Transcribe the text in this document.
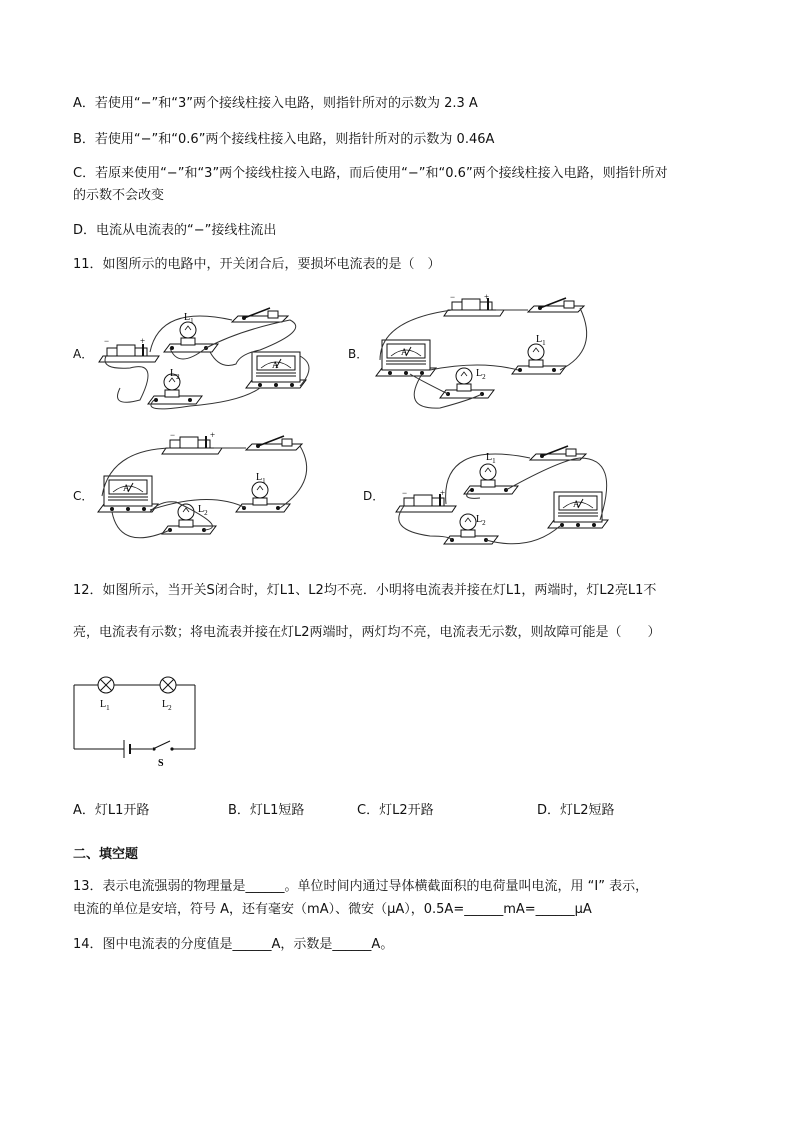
A．若使用“−”和“3”两个接线柱接入电路，则指针所对的示数为 2.3 A
B．若使用“−”和“0.6”两个接线柱接入电路，则指针所对的示数为 0.46A
C．若原来使用“−”和“3”两个接线柱接入电路，而后使用“−”和“0.6”两个接线柱接入电路，则指针所对
的示数不会改变
D．电流从电流表的“−”接线柱流出
11．如图所示的电路中，开关闭合后，要损坏电流表的是（　）
A．	B．
C．	D．
$L_1$
$L_2$
−	+
A
$L_1$
$L_2$
−	+
A
$L_1$
$L_2$
−	+
A
$L_1$
$L_2$
−	+
A
12．如图所示，当开关S闭合时，灯L1、L2均不亮．小明将电流表并接在灯L1，两端时，灯L2亮L1不
亮，电流表有示数；将电流表并接在灯L2两端时，两灯均不亮，电流表无示数，则故障可能是（　　）
$L_1$	$L_2$
S
A．灯L1开路	B．灯L1短路	C．灯L2开路	D．灯L2短路
二、填空题
13．表示电流强弱的物理量是______。单位时间内通过导体横截面积的电荷量叫电流，用 “I” 表示，
电流的单位是安培，符号 A，还有毫安（mA）、微安（μA），0.5A=______mA=______μA
14．图中电流表的分度值是______A，示数是______A。
